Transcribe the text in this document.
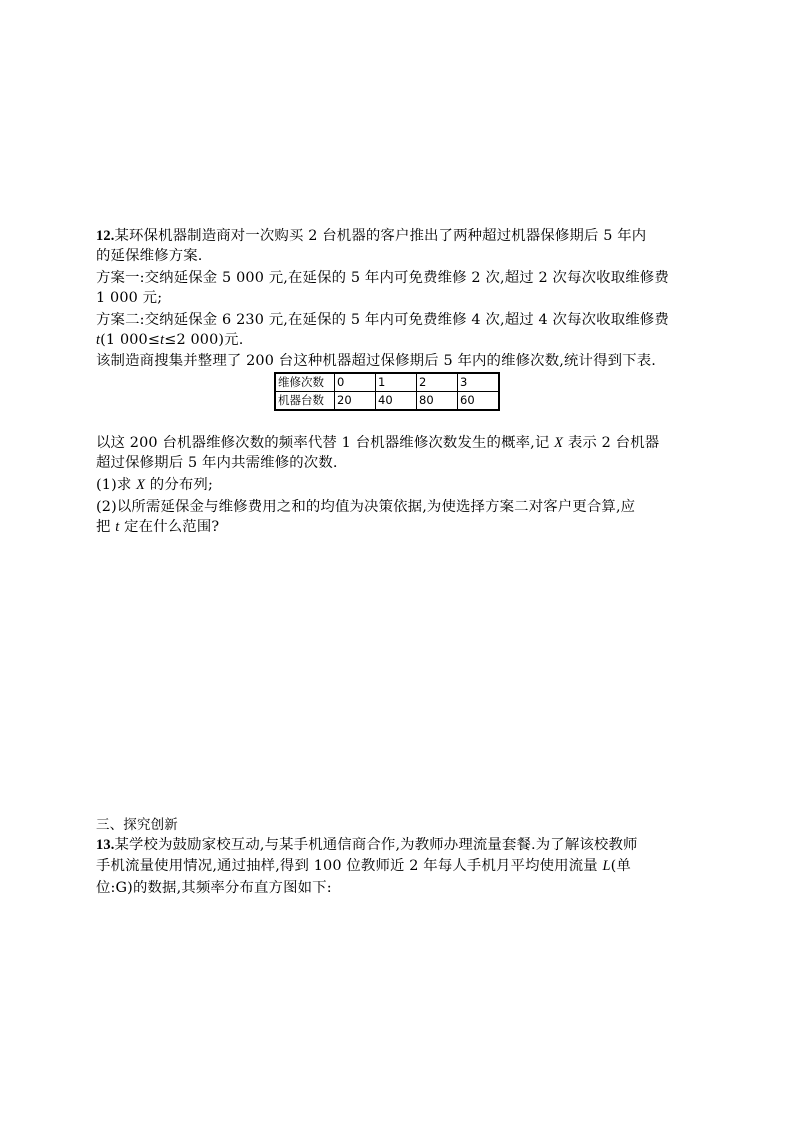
12.某环保机器制造商对一次购买 2 台机器的客户推出了两种超过机器保修期后 5 年内
的延保维修方案.
方案一:交纳延保金 5 000 元,在延保的 5 年内可免费维修 2 次,超过 2 次每次收取维修费
1 000 元;
方案二:交纳延保金 6 230 元,在延保的 5 年内可免费维修 4 次,超过 4 次每次收取维修费
t(1 000≤t≤2 000)元.
该制造商搜集并整理了 200 台这种机器超过保修期后 5 年内的维修次数,统计得到下表.
维修次数	0	1	2	3
机器台数	20	40	80	60
以这 200 台机器维修次数的频率代替 1 台机器维修次数发生的概率,记 X 表示 2 台机器
超过保修期后 5 年内共需维修的次数.
(1)求 X 的分布列;
(2)以所需延保金与维修费用之和的均值为决策依据,为使选择方案二对客户更合算,应
把 t 定在什么范围?
三、探究创新
13.某学校为鼓励家校互动,与某手机通信商合作,为教师办理流量套餐.为了解该校教师
手机流量使用情况,通过抽样,得到 100 位教师近 2 年每人手机月平均使用流量 L(单
位:G)的数据,其频率分布直方图如下:
